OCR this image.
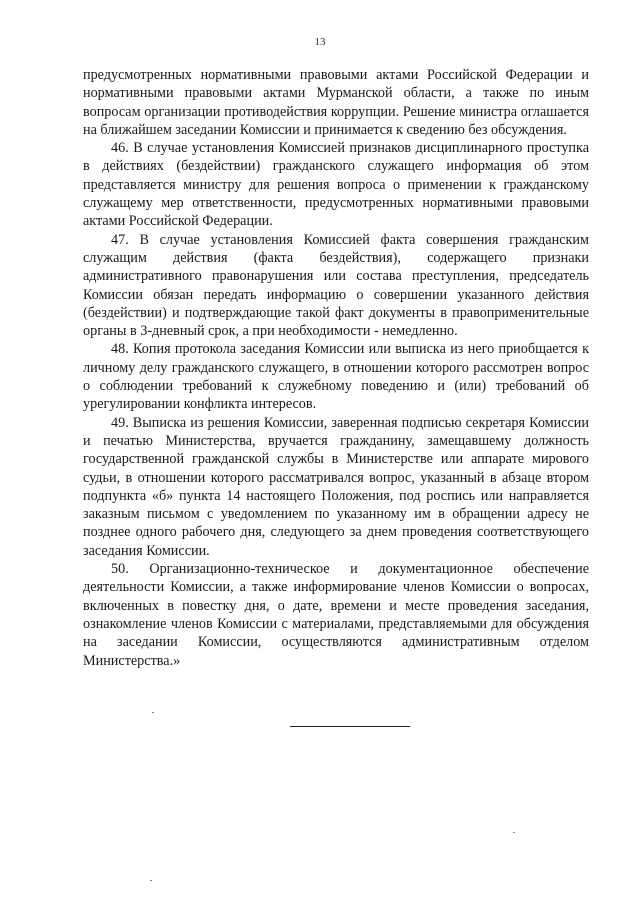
13

предусмотренных нормативными правовыми актами Российской Федерации и нормативными правовыми актами Мурманской области, а также по иным вопросам организации противодействия коррупции. Решение министра оглашается на ближайшем заседании Комиссии и принимается к сведению без обсуждения.

46. В случае установления Комиссией признаков дисциплинарного проступка в действиях (бездействии) гражданского служащего информация об этом представляется министру для решения вопроса о применении к гражданскому служащему мер ответственности, предусмотренных нормативными правовыми актами Российской Федерации.

47. В случае установления Комиссией факта совершения гражданским служащим действия (факта бездействия), содержащего признаки административного правонарушения или состава преступления, председатель Комиссии обязан передать информацию о совершении указанного действия (бездействии) и подтверждающие такой факт документы в правоприменительные органы в 3-дневный срок, а при необходимости - немедленно.

48. Копия протокола заседания Комиссии или выписка из него приобщается к личному делу гражданского служащего, в отношении которого рассмотрен вопрос о соблюдении требований к служебному поведению и (или) требований об урегулировании конфликта интересов.

49. Выписка из решения Комиссии, заверенная подписью секретаря Комиссии и печатью Министерства, вручается гражданину, замещавшему должность государственной гражданской службы в Министерстве или аппарате мирового судьи, в отношении которого рассматривался вопрос, указанный в абзаце втором подпункта «б» пункта 14 настоящего Положения, под роспись или направляется заказным письмом с уведомлением по указанному им в обращении адресу не позднее одного рабочего дня, следующего за днем проведения соответствующего заседания Комиссии.

50. Организационно-техническое и документационное обеспечение деятельности Комиссии, а также информирование членов Комиссии о вопросах, включенных в повестку дня, о дате, времени и месте проведения заседания, ознакомление членов Комиссии с материалами, представляемыми для обсуждения на заседании Комиссии, осуществляются административным отделом Министерства.»
